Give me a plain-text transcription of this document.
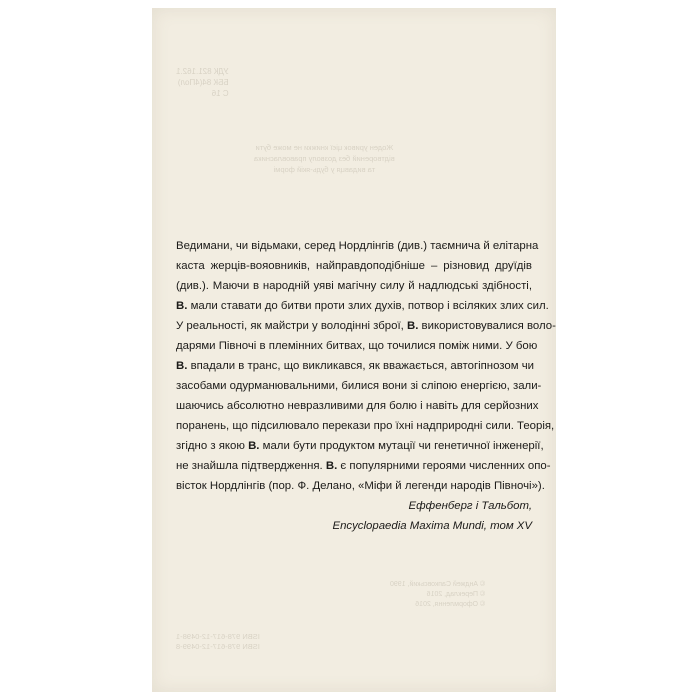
УДК 821.162.1
ББК 84(4Пол)
С 16
Жоден уривок цієї книжки не може бути
відтворений без дозволу правовласника
та видавця у будь-якій формі
© Анджей Сапковський, 1990
© Переклад, 2016
© Оформлення, 2016
ISBN 978-617-12-0498-1
ISBN 978-617-12-0499-8
Ведимани, чи відьмаки, серед Нордлінгів (див.) таємнича й елітарна
каста жерців-вояовників, найправдоподібніше – різновид друїдів
(див.). Маючи в народній уяві магічну силу й надлюдські здібності,
В. мали ставати до битви проти злих духів, потвор і всіляких злих сил.
У реальності, як майстри у володінні зброї, В. використовувалися воло-
дарями Півночі в племінних битвах, що точилися поміж ними. У бою
В. впадали в транс, що викликався, як вважається, автогіпнозом чи
засобами одурманювальними, билися вони зі сліпою енергією, зали-
шаючись абсолютно невразливими для болю і навіть для серйозних
поранень, що підсилювало перекази про їхні надприродні сили. Теорія,
згідно з якою В. мали бути продуктом мутації чи генетичної інженерії,
не знайшла підтвердження. В. є популярними героями численних опо-
вісток Нордлінгів (пор. Ф. Делано, «Міфи й легенди народів Півночі»).
Еффенберг і Тальбот,
Encyclopaedia Maxima Mundi, том XV
